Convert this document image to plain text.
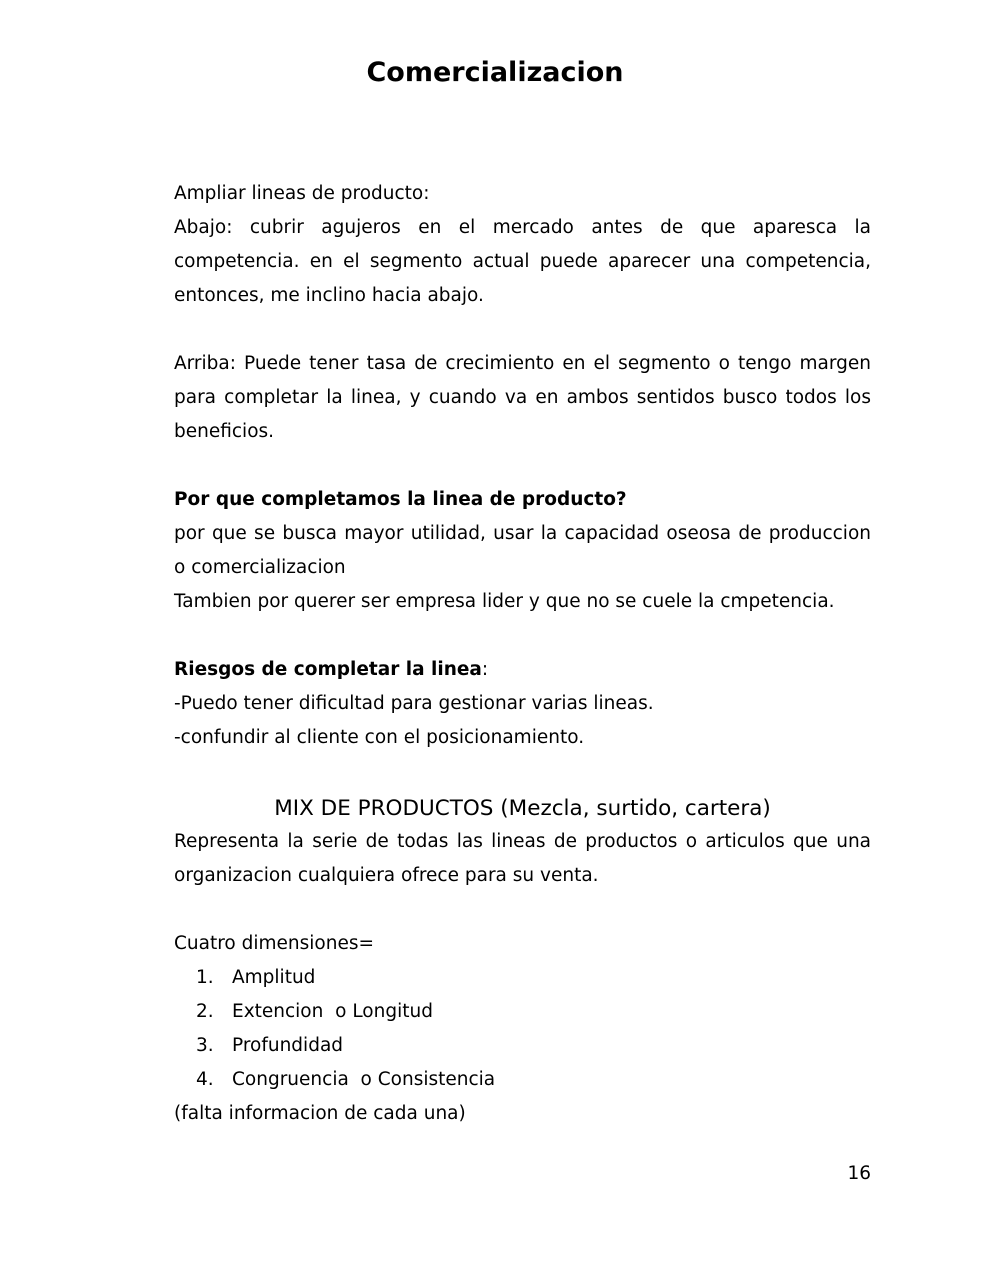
Comercializacion

Ampliar lineas de producto:

Abajo: cubrir agujeros en el mercado antes de que aparesca la competencia. en el segmento actual puede aparecer una competencia, entonces, me inclino hacia abajo.

Arriba: Puede tener tasa de crecimiento en el segmento o tengo margen para completar la linea, y cuando va en ambos sentidos busco todos los beneficios.

Por que completamos la linea de producto?

por que se busca mayor utilidad, usar la capacidad oseosa de produccion o comercializacion

Tambien por querer ser empresa lider y que no se cuele la cmpetencia.

Riesgos de completar la linea:

-Puedo tener dificultad para gestionar varias lineas.

-confundir al cliente con el posicionamiento.

MIX DE PRODUCTOS (Mezcla, surtido, cartera)

Representa la serie de todas las lineas de productos o articulos que una organizacion cualquiera ofrece para su venta.

Cuatro dimensiones=

1. Amplitud
2. Extencion  o Longitud
3. Profundidad
4. Congruencia  o Consistencia

(falta informacion de cada una)

16
